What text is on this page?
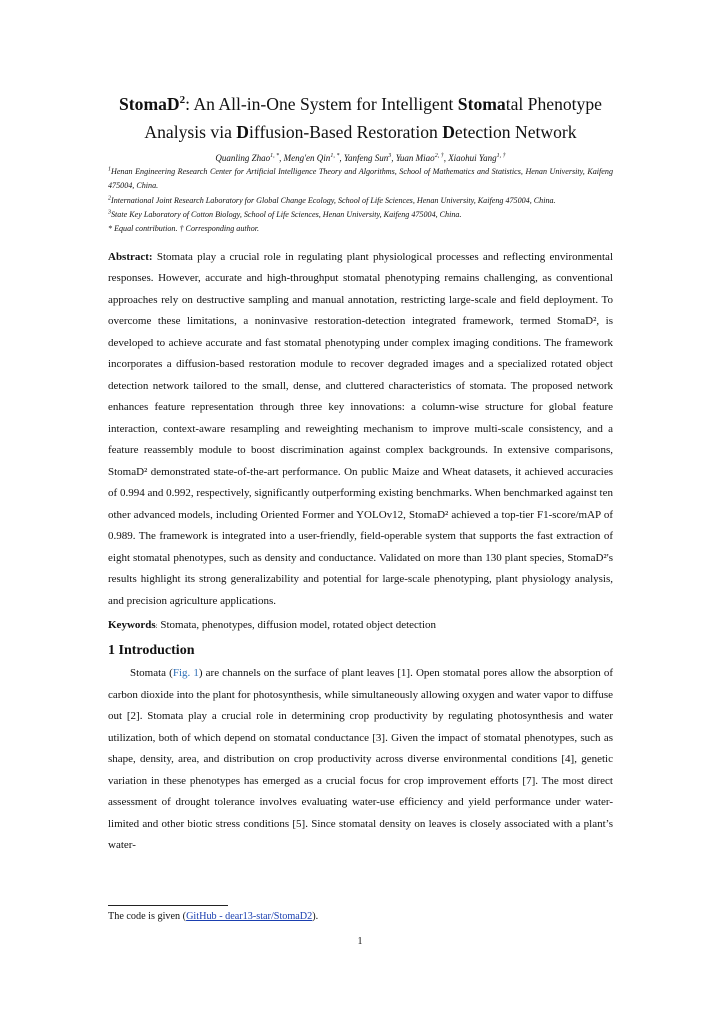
StomaD$^2$: An All-in-One System for Intelligent Stomatal Phenotype
Analysis via Diffusion-Based Restoration Detection Network
Quanling Zhao$^{1, *}$, Meng'en Qin$^{1, *}$, Yanfeng Sun$^3$, Yuan Miao$^{2, \dagger}$, Xiaohui Yang$^{1, \dagger}$
$^1$Henan Engineering Research Center for Artificial Intelligence Theory and Algorithms, School of Mathematics and Statistics, Henan University, Kaifeng 475004, China.
$^2$International Joint Research Laboratory for Global Change Ecology, School of Life Sciences, Henan University, Kaifeng 475004, China.
$^3$State Key Laboratory of Cotton Biology, School of Life Sciences, Henan University, Kaifeng 475004, China.
* Equal contribution. † Corresponding author.
Abstract: Stomata play a crucial role in regulating plant physiological processes and reflecting environmental responses. However, accurate and high-throughput stomatal phenotyping remains challenging, as conventional approaches rely on destructive sampling and manual annotation, restricting large-scale and field deployment. To overcome these limitations, a noninvasive restoration-detection integrated framework, termed StomaD², is developed to achieve accurate and fast stomatal phenotyping under complex imaging conditions. The framework incorporates a diffusion-based restoration module to recover degraded images and a specialized rotated object detection network tailored to the small, dense, and cluttered characteristics of stomata. The proposed network enhances feature representation through three key innovations: a column-wise structure for global feature interaction, context-aware resampling and reweighting mechanism to improve multi-scale consistency, and a feature reassembly module to boost discrimination against complex backgrounds. In extensive comparisons, StomaD² demonstrated state-of-the-art performance. On public Maize and Wheat datasets, it achieved accuracies of 0.994 and 0.992, respectively, significantly outperforming existing benchmarks. When benchmarked against ten other advanced models, including Oriented Former and YOLOv12, StomaD² achieved a top-tier F1-score/mAP of 0.989. The framework is integrated into a user-friendly, field-operable system that supports the fast extraction of eight stomatal phenotypes, such as density and conductance. Validated on more than 130 plant species, StomaD²'s results highlight its strong generalizability and potential for large-scale phenotyping, plant physiology analysis, and precision agriculture applications.
Keywords: Stomata, phenotypes, diffusion model, rotated object detection
1 Introduction
Stomata (Fig. 1) are channels on the surface of plant leaves [1]. Open stomatal pores allow the absorption of carbon dioxide into the plant for photosynthesis, while simultaneously allowing oxygen and water vapor to diffuse out [2]. Stomata play a crucial role in determining crop productivity by regulating photosynthesis and water utilization, both of which depend on stomatal conductance [3]. Given the impact of stomatal phenotypes, such as shape, density, area, and distribution on crop productivity across diverse environmental conditions [4], genetic variation in these phenotypes has emerged as a crucial focus for crop improvement efforts [7]. The most direct assessment of drought tolerance involves evaluating water-use efficiency and yield performance under water-limited and other biotic stress conditions [5]. Since stomatal density on leaves is closely associated with a plant’s water-
The code is given (GitHub - dear13-star/StomaD2).
1
